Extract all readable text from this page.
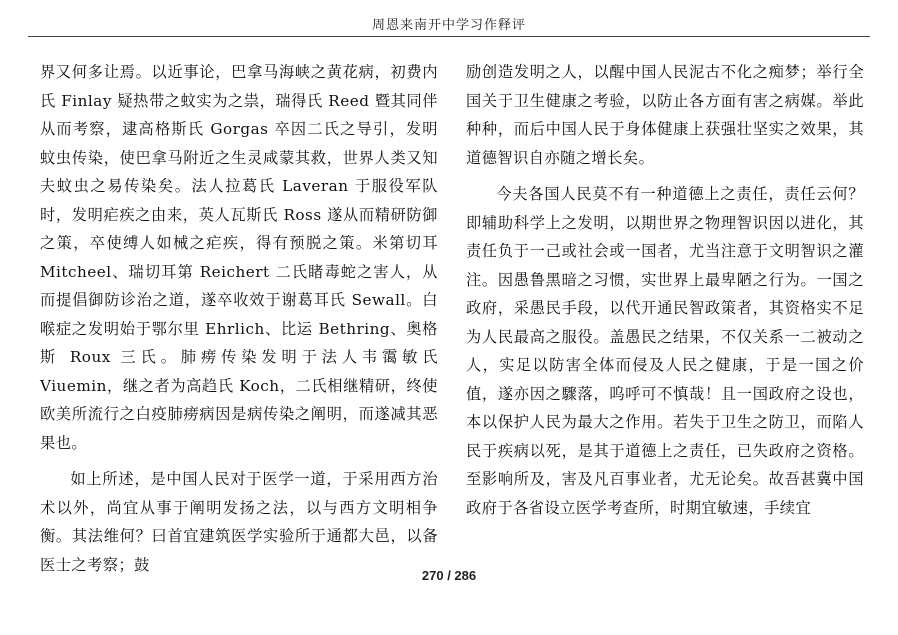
周恩来南开中学习作释评

界又何多让焉。以近事论，巴拿马海峡之黄花病，初费内氏 Finlay 疑热带之蚊实为之祟，瑞得氏 Reed 暨其同伴从而考察，逮高格斯氏 Gorgas 卒因二氏之导引，发明蚊虫传染，使巴拿马附近之生灵咸蒙其救，世界人类又知夫蚊虫之易传染矣。法人拉葛氏 Laveran 于服役军队时，发明疟疾之由来，英人瓦斯氏 Ross 遂从而精研防御之策，卒使缚人如械之疟疾，得有预脱之策。米第切耳 Mitcheel、瑞切耳第 Reichert 二氏睹毒蛇之害人，从而提倡御防诊治之道，遂卒收效于谢葛耳氏 Sewall。白喉症之发明始于鄂尔里 Ehrlich、比运 Bethring、奥格斯 Roux 三氏。肺痨传染发明于法人韦霭敏氏 Viuemin，继之者为高趋氏 Koch，二氏相继精研，终使欧美所流行之白疫肺痨病因是病传染之阐明，而遂减其恶果也。

如上所述，是中国人民对于医学一道，于采用西方治术以外，尚宜从事于阐明发扬之法，以与西方文明相争衡。其法维何？曰首宜建筑医学实验所于通都大邑，以备医士之考察；鼓

励创造发明之人，以醒中国人民泥古不化之痴梦；举行全国关于卫生健康之考验，以防止各方面有害之病媒。举此种种，而后中国人民于身体健康上获强壮坚实之效果，其道德智识自亦随之增长矣。

今夫各国人民莫不有一种道德上之责任，责任云何？即辅助科学上之发明，以期世界之物理智识因以进化，其责任负于一己或社会或一国者，尤当注意于文明智识之灌注。因愚鲁黑暗之习惯，实世界上最卑陋之行为。一国之政府，采愚民手段，以代开通民智政策者，其资格实不足为人民最高之服役。盖愚民之结果，不仅关系一二被动之人，实足以防害全体而侵及人民之健康，于是一国之价值，遂亦因之驟落，呜呼可不慎哉！且一国政府之设也，本以保护人民为最大之作用。若失于卫生之防卫，而陷人民于疾病以死，是其于道德上之责任，已失政府之资格。至影响所及，害及凡百事业者，尤无论矣。故吾甚冀中国政府于各省设立医学考查所，时期宜敏速，手续宜

270 / 286
